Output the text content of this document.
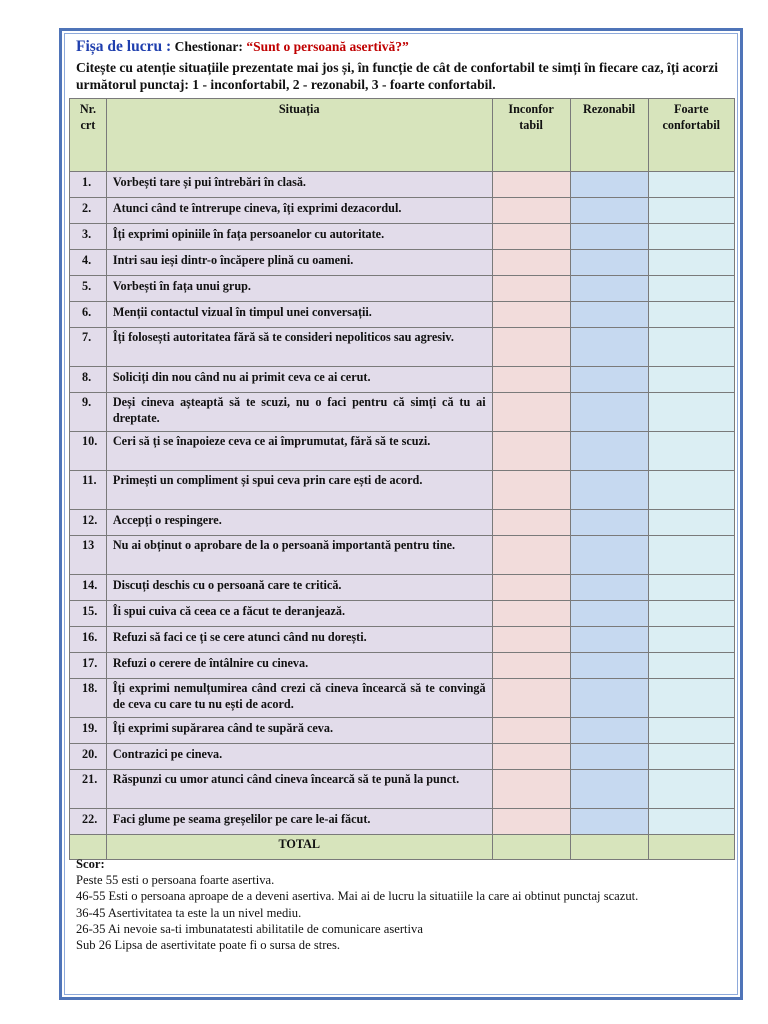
Fișa de lucru : Chestionar: “Sunt o persoană asertivă?”
Citește cu atenție situațiile prezentate mai jos și, în funcție de cât de confortabil te simți în fiecare caz, îți acorzi următorul punctaj: 1 - inconfortabil, 2 - rezonabil, 3 - foarte confortabil.
Nr. crt	Situația	Inconfor tabil	Rezonabil	Foarte confortabil
1.	Vorbești tare și pui întrebări în clasă.			
2.	Atunci când te întrerupe cineva, îți exprimi dezacordul.			
3.	Îți exprimi opiniile în fața persoanelor cu autoritate.			
4.	Intri sau ieși dintr-o încăpere plină cu oameni.			
5.	Vorbești în fața unui grup.			
6.	Menții contactul vizual în timpul unei conversații.			
7.	Îți folosești autoritatea fără să te consideri nepoliticos sau agresiv.			
8.	Soliciți din nou când nu ai primit ceva ce ai cerut.			
9.	Deși cineva așteaptă să te scuzi, nu o faci pentru că simți că tu ai dreptate.			
10.	Ceri să ți se înapoieze ceva ce ai împrumutat, fără să te scuzi.			
11.	Primești un compliment și spui ceva prin care ești de acord.			
12.	Accepți o respingere.			
13	Nu ai obținut o aprobare de la o persoană importantă pentru tine.			
14.	Discuți deschis cu o persoană care te critică.			
15.	Îi spui cuiva că ceea ce a făcut te deranjează.			
16.	Refuzi să faci ce ți se cere atunci când nu dorești.			
17.	Refuzi o cerere de întâlnire cu cineva.			
18.	Îți exprimi nemulțumirea când crezi că cineva încearcă să te convingă de ceva cu care tu nu ești de acord.			
19.	Îți exprimi supărarea când te supără ceva.			
20.	Contrazici pe cineva.			
21.	Răspunzi cu umor atunci când cineva încearcă să te pună la punct.			
22.	Faci glume pe seama greșelilor pe care le-ai făcut.			
	TOTAL			
Scor:
Peste 55 esti o persoana foarte asertiva.
46-55 Esti o persoana aproape de a deveni asertiva. Mai ai de lucru la situatiile la care ai obtinut punctaj scazut.
36-45 Asertivitatea ta este la un nivel mediu.
26-35 Ai nevoie sa-ti imbunatatesti abilitatile de comunicare asertiva
Sub 26 Lipsa de asertivitate poate fi o sursa de stres.
